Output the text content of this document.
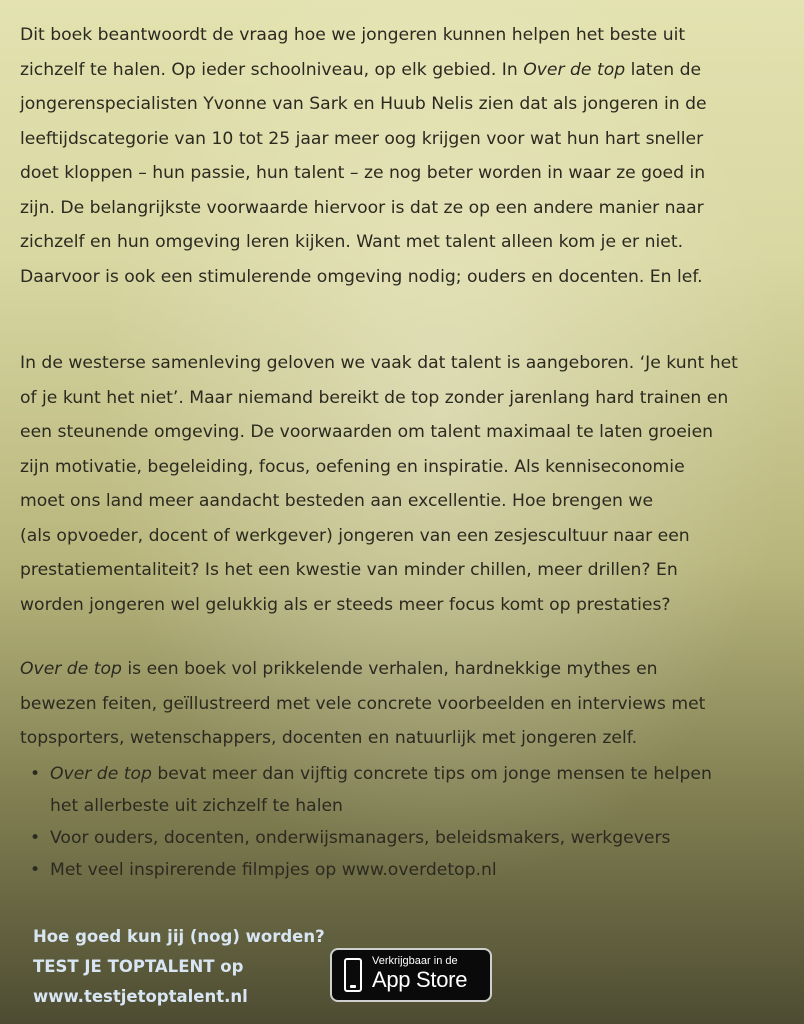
Dit boek beantwoordt de vraag hoe we jongeren kunnen helpen het beste uit
zichzelf te halen. Op ieder schoolniveau, op elk gebied. In Over de top laten de
jongerenspecialisten Yvonne van Sark en Huub Nelis zien dat als jongeren in de
leeftijdscategorie van 10 tot 25 jaar meer oog krijgen voor wat hun hart sneller
doet kloppen – hun passie, hun talent – ze nog beter worden in waar ze goed in
zijn. De belangrijkste voorwaarde hiervoor is dat ze op een andere manier naar
zichzelf en hun omgeving leren kijken. Want met talent alleen kom je er niet.
Daarvoor is ook een stimulerende omgeving nodig; ouders en docenten. En lef.
In de westerse samenleving geloven we vaak dat talent is aangeboren. ‘Je kunt het
of je kunt het niet’. Maar niemand bereikt de top zonder jarenlang hard trainen en
een steunende omgeving. De voorwaarden om talent maximaal te laten groeien
zijn motivatie, begeleiding, focus, oefening en inspiratie. Als kenniseconomie
moet ons land meer aandacht besteden aan excellentie. Hoe brengen we
(als opvoeder, docent of werkgever) jongeren van een zesjescultuur naar een
prestatiementaliteit? Is het een kwestie van minder chillen, meer drillen? En
worden jongeren wel gelukkig als er steeds meer focus komt op prestaties?
Over de top is een boek vol prikkelende verhalen, hardnekkige mythes en
bewezen feiten, geïllustreerd met vele concrete voorbeelden en interviews met
topsporters, wetenschappers, docenten en natuurlijk met jongeren zelf.
• Over de top bevat meer dan vijftig concrete tips om jonge mensen te helpen
het allerbeste uit zichzelf te halen
• Voor ouders, docenten, onderwijsmanagers, beleidsmakers, werkgevers
• Met veel inspirerende filmpjes op www.overdetop.nl
Hoe goed kun jij (nog) worden?
TEST JE TOPTALENT op
www.testjetoptalent.nl
Verkrijgbaar in de
App Store
